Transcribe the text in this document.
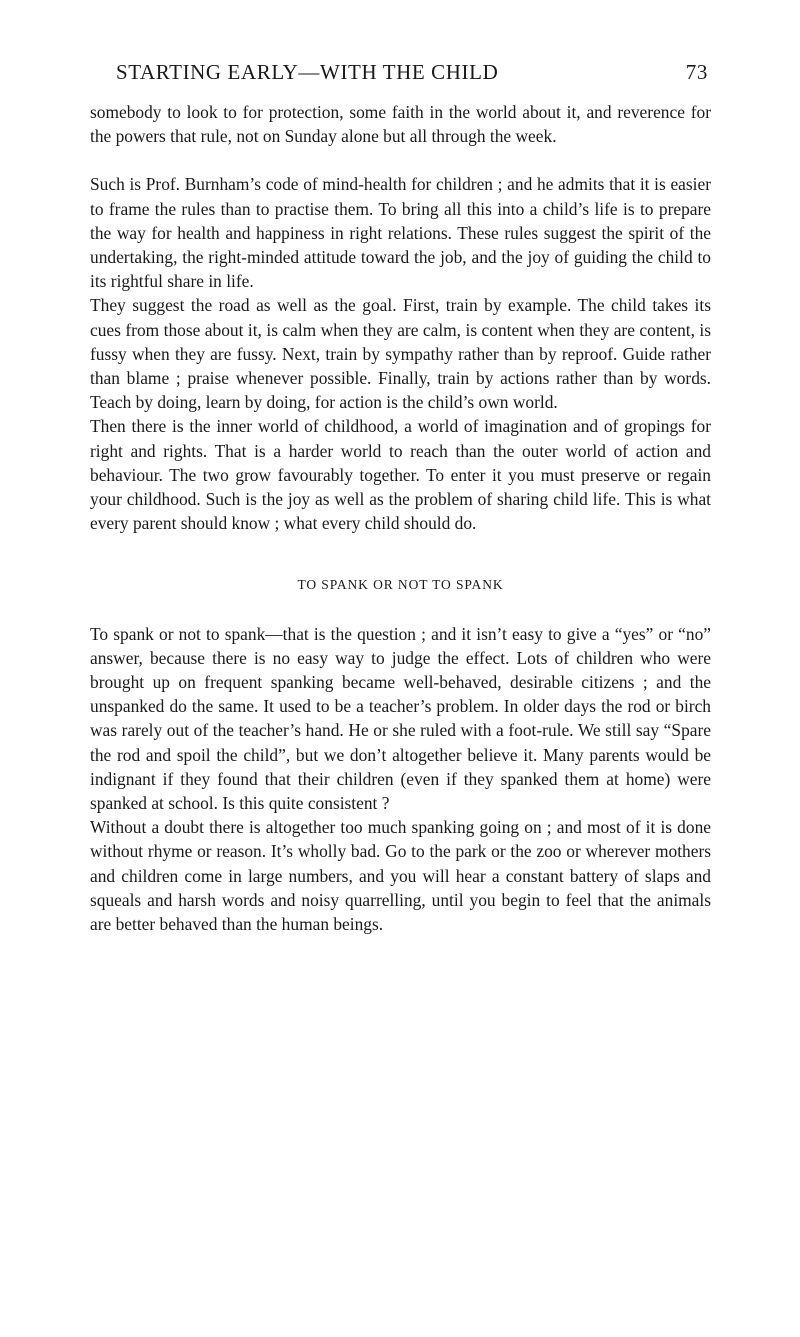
STARTING EARLY—WITH THE CHILD	73

somebody to look to for protection, some faith in the world about it, and reverence for the powers that rule, not on Sunday alone but all through the week.

Such is Prof. Burnham’s code of mind-health for children ; and he admits that it is easier to frame the rules than to practise them. To bring all this into a child’s life is to prepare the way for health and happiness in right relations. These rules suggest the spirit of the undertaking, the right-minded attitude toward the job, and the joy of guiding the child to its rightful share in life.

They suggest the road as well as the goal. First, train by example. The child takes its cues from those about it, is calm when they are calm, is content when they are content, is fussy when they are fussy. Next, train by sympathy rather than by reproof. Guide rather than blame ; praise whenever possible. Finally, train by actions rather than by words. Teach by doing, learn by doing, for action is the child’s own world.

Then there is the inner world of childhood, a world of imagination and of gropings for right and rights. That is a harder world to reach than the outer world of action and behaviour. The two grow favourably together. To enter it you must preserve or regain your childhood. Such is the joy as well as the problem of sharing child life. This is what every parent should know ; what every child should do.

TO SPANK OR NOT TO SPANK

To spank or not to spank—that is the question ; and it isn’t easy to give a “yes” or “no” answer, because there is no easy way to judge the effect. Lots of children who were brought up on frequent spanking became well-behaved, desirable citizens ; and the unspanked do the same. It used to be a teacher’s problem. In older days the rod or birch was rarely out of the teacher’s hand. He or she ruled with a foot-rule. We still say “Spare the rod and spoil the child”, but we don’t altogether believe it. Many parents would be indignant if they found that their children (even if they spanked them at home) were spanked at school. Is this quite consistent ?

Without a doubt there is altogether too much spanking going on ; and most of it is done without rhyme or reason. It’s wholly bad. Go to the park or the zoo or wherever mothers and children come in large numbers, and you will hear a constant battery of slaps and squeals and harsh words and noisy quarrelling, until you begin to feel that the animals are better behaved than the human beings.
